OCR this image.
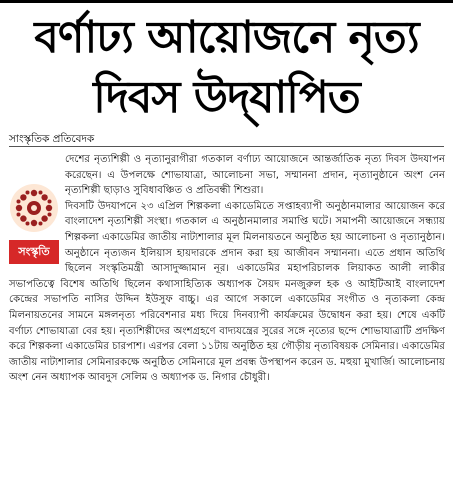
বর্ণাঢ্য আয়োজনে নৃত্য
দিবস উদ্‌যাপিত
সাংস্কৃতিক প্রতিবেদক
সংস্কৃতি

দেশের নৃত্যশিল্পী ও নৃত্যানুরাগীরা গতকাল বর্ণাঢ্য আয়োজনে আন্তর্জাতিক নৃত্য দিবস উদযাপন করেছেন। এ উপলক্ষে শোভাযাত্রা, আলোচনা সভা, সম্মাননা প্রদান, নৃত্যানুষ্ঠানে অংশ নেন নৃত্যশিল্পী ছাড়াও সুবিধাবঞ্চিত ও প্রতিবন্ধী শিশুরা।

দিবসটি উদযাপনে ২৩ এপ্রিল শিল্পকলা একাডেমিতে সপ্তাহব্যাপী অনুষ্ঠানমালার আয়োজন করে বাংলাদেশ নৃত্যশিল্পী সংস্থা। গতকাল এ অনুষ্ঠানমালার সমাপ্তি ঘটে। সমাপনী আয়োজনে সন্ধ্যায় শিল্পকলা একাডেমির জাতীয় নাট্যশালার মূল মিলনায়তনে অনুষ্ঠিত হয় আলোচনা ও নৃত্যানুষ্ঠান। অনুষ্ঠানে নৃত্যজন ইলিয়াস হায়দারকে প্রদান করা হয় আজীবন সম্মাননা। এতে প্রধান অতিথি ছিলেন সংস্কৃতিমন্ত্রী আসাদুজ্জামান নূর। একাডেমির মহাপরিচালক লিয়াকত আলী লাকীর সভাপতিত্বে বিশেষ অতিথি ছিলেন কথাসাহিত্যিক অধ্যাপক সৈয়দ মনজুরুল হক ও আইটিআই বাংলাদেশ কেন্দ্রের সভাপতি নাসির উদ্দিন ইউসুফ বাচ্চু। এর আগে সকালে একাডেমির সংগীত ও নৃত্যকলা কেন্দ্র মিলনায়তনের সামনে মঙ্গলনৃত্য পরিবেশনার মধ্য দিয়ে দিনব্যাপী কার্যক্রমের উদ্বোধন করা হয়। শেষে একটি বর্ণাঢ্য শোভাযাত্রা বের হয়। নৃত্যশিল্পীদের অংশগ্রহণে বাদ্যযন্ত্রের সুরের সঙ্গে নৃত্যের ছন্দে শোভাযাত্রাটি প্রদক্ষিণ করে শিল্পকলা একাডেমির চারপাশ। এরপর বেলা ১১টায় অনুষ্ঠিত হয় গৌড়ীয় নৃত্যবিষয়ক সেমিনার। একাডেমির জাতীয় নাট্যশালার সেমিনারকক্ষে অনুষ্ঠিত সেমিনারে মূল প্রবন্ধ উপস্থাপন করেন ড. মহুয়া মুখার্জি। আলোচনায় অংশ নেন অধ্যাপক আবদুস সেলিম ও অধ্যাপক ড. নিগার চৌধুরী।
